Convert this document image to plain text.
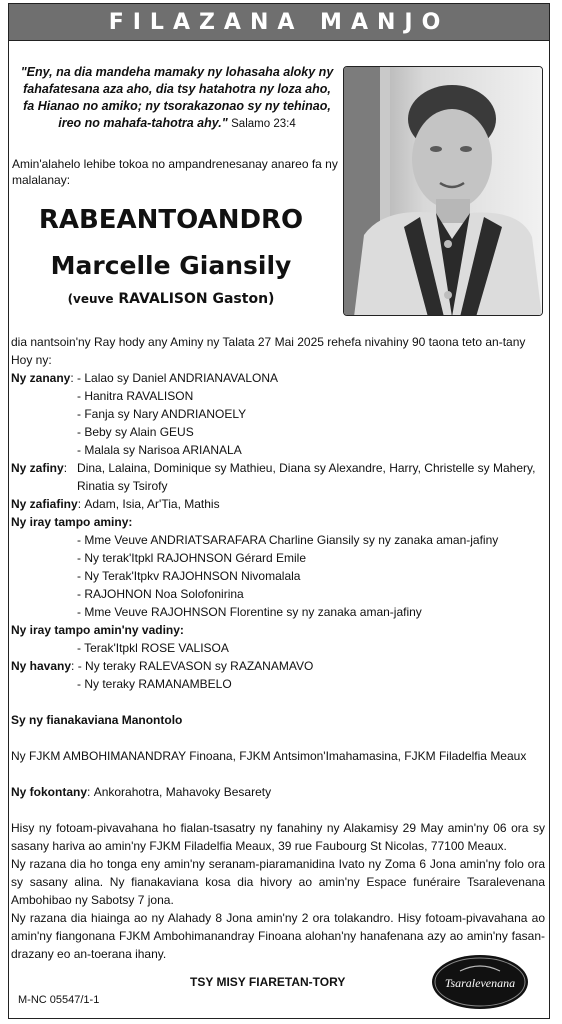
FILAZANA MANJO
"Eny, na dia mandeha mamaky ny lohasaha aloky ny fahafatesana aza aho, dia tsy hatahotra ny loza aho, fa Hianao no amiko; ny tsorakazonao sy ny tehinao, ireo no mahafa-tahotra ahy." Salamo 23:4
Amin'alahelo lehibe tokoa no ampandrenesanay anareo fa ny malalanay:
RABEANTOANDRO
Marcelle Giansily
(veuve RAVALISON Gaston)

dia nantsoin'ny Ray hody any Aminy ny Talata 27 Mai 2025 rehefa nivahiny 90 taona teto an-tany

Hoy ny:

Ny zanany : - Lalao sy Daniel ANDRIANAVALONA

- Hanitra RAVALISON

- Fanja sy Nary ANDRIANOELY

- Beby sy Alain GEUS

- Malala sy Narisoa ARIANALA

Ny zafiny : Dina, Lalaina, Dominique sy Mathieu, Diana sy Alexandre, Harry, Christelle sy Mahery,

Rinatia sy Tsirofy

Ny zafiafiny : Adam, Isia, Ar'Tia, Mathis
Ny iray tampo aminy :

- Mme Veuve ANDRIATSARAFARA Charline Giansily sy ny zanaka aman-jafiny

- Ny terak'Itpkl RAJOHNSON Gérard Emile

- Ny Terak'Itpkv RAJOHNSON Nivomalala

- RAJOHNON Noa Solofonirina

- Mme Veuve RAJOHNSON Florentine sy ny zanaka aman-jafiny

Ny iray tampo amin'ny vadiny :

- Terak'Itpkl ROSE VALISOA

Ny havany : - Ny teraky RALEVASON sy RAZANAMAVO

- Ny teraky RAMANAMBELO

Sy ny fianakaviana Manontolo

Ny FJKM AMBOHIMANANDRAY Finoana, FJKM Antsimon'Imahamasina, FJKM Filadelfia Meaux

Ny fokontany : Ankorahotra, Mahavoky Besarety

Hisy ny fotoam-pivavahana ho fialan-tsasatry ny fanahiny ny Alakamisy 29 May amin'ny 06 ora sy sasany hariva ao amin'ny FJKM Filadelfia Meaux, 39 rue Faubourg St Nicolas, 77100 Meaux.

Ny razana dia ho tonga eny amin'ny seranam-piaramanidina Ivato ny Zoma 6 Jona amin'ny folo ora sy sasany alina. Ny fianakaviana kosa dia hivory ao amin'ny Espace funéraire Tsaralevenana Ambohibao ny Sabotsy 7 jona.

Ny razana dia hiainga ao ny Alahady 8 Jona amin'ny 2 ora tolakandro. Hisy fotoam-pivavahana ao amin'ny fiangonana FJKM Ambohimanandray Finoana alohan'ny hanafenana azy ao amin'ny fasan-drazany eo an-toerana ihany.

TSY MISY FIARETAN-TORY
M-NC 05547/1-1
Tsaralevenana
